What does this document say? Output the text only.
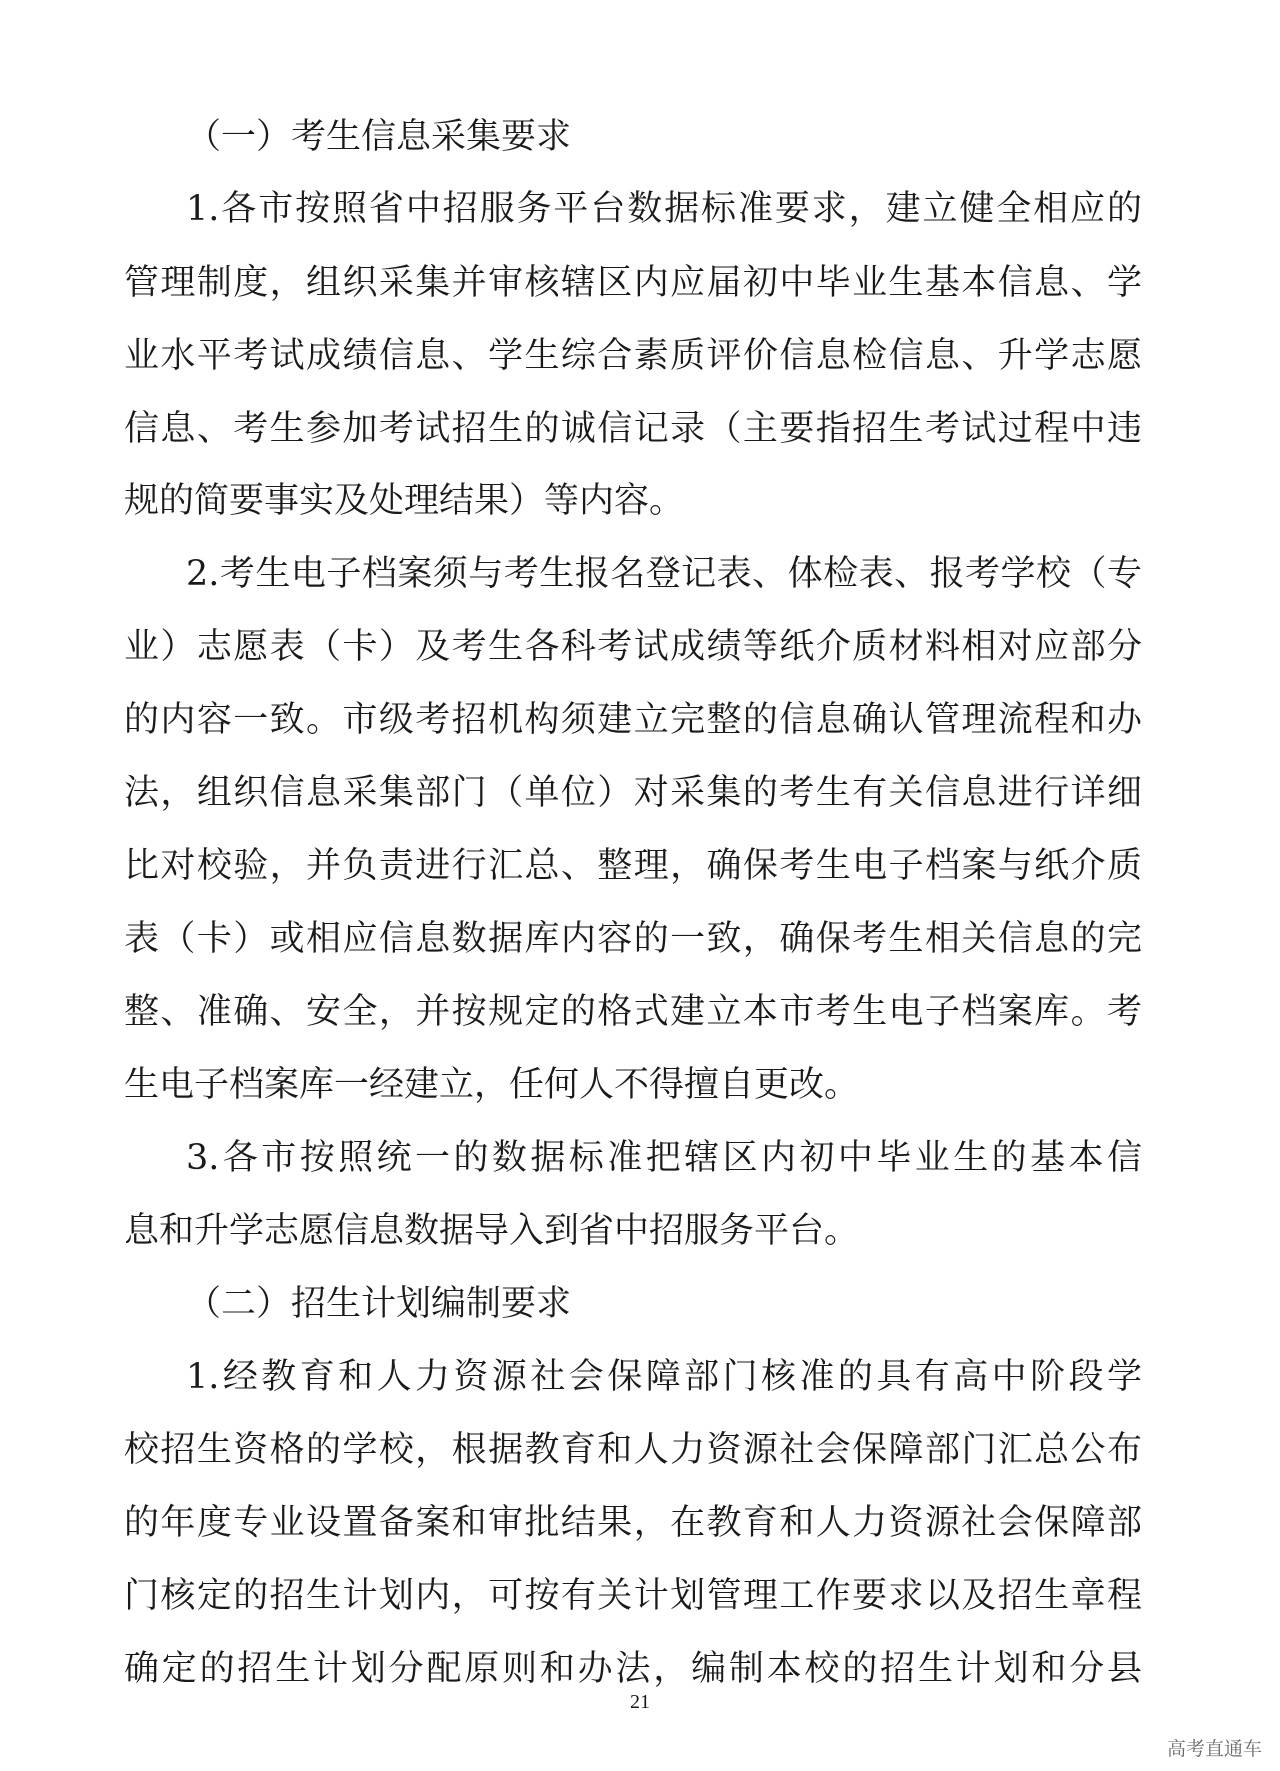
（一）考生信息采集要求
1.各市按照省中招服务平台数据标准要求，建立健全相应的
管理制度，组织采集并审核辖区内应届初中毕业生基本信息、学
业水平考试成绩信息、学生综合素质评价信息检信息、升学志愿
信息、考生参加考试招生的诚信记录（主要指招生考试过程中违
规的简要事实及处理结果）等内容。
2.考生电子档案须与考生报名登记表、体检表、报考学校（专
业）志愿表（卡）及考生各科考试成绩等纸介质材料相对应部分
的内容一致。市级考招机构须建立完整的信息确认管理流程和办
法，组织信息采集部门（单位）对采集的考生有关信息进行详细
比对校验，并负责进行汇总、整理，确保考生电子档案与纸介质
表（卡）或相应信息数据库内容的一致，确保考生相关信息的完
整、准确、安全，并按规定的格式建立本市考生电子档案库。考
生电子档案库一经建立，任何人不得擅自更改。
3.各市按照统一的数据标准把辖区内初中毕业生的基本信
息和升学志愿信息数据导入到省中招服务平台。
（二）招生计划编制要求
1.经教育和人力资源社会保障部门核准的具有高中阶段学
校招生资格的学校，根据教育和人力资源社会保障部门汇总公布
的年度专业设置备案和审批结果，在教育和人力资源社会保障部
门核定的招生计划内，可按有关计划管理工作要求以及招生章程
确定的招生计划分配原则和办法，编制本校的招生计划和分县
21
高考直通车
